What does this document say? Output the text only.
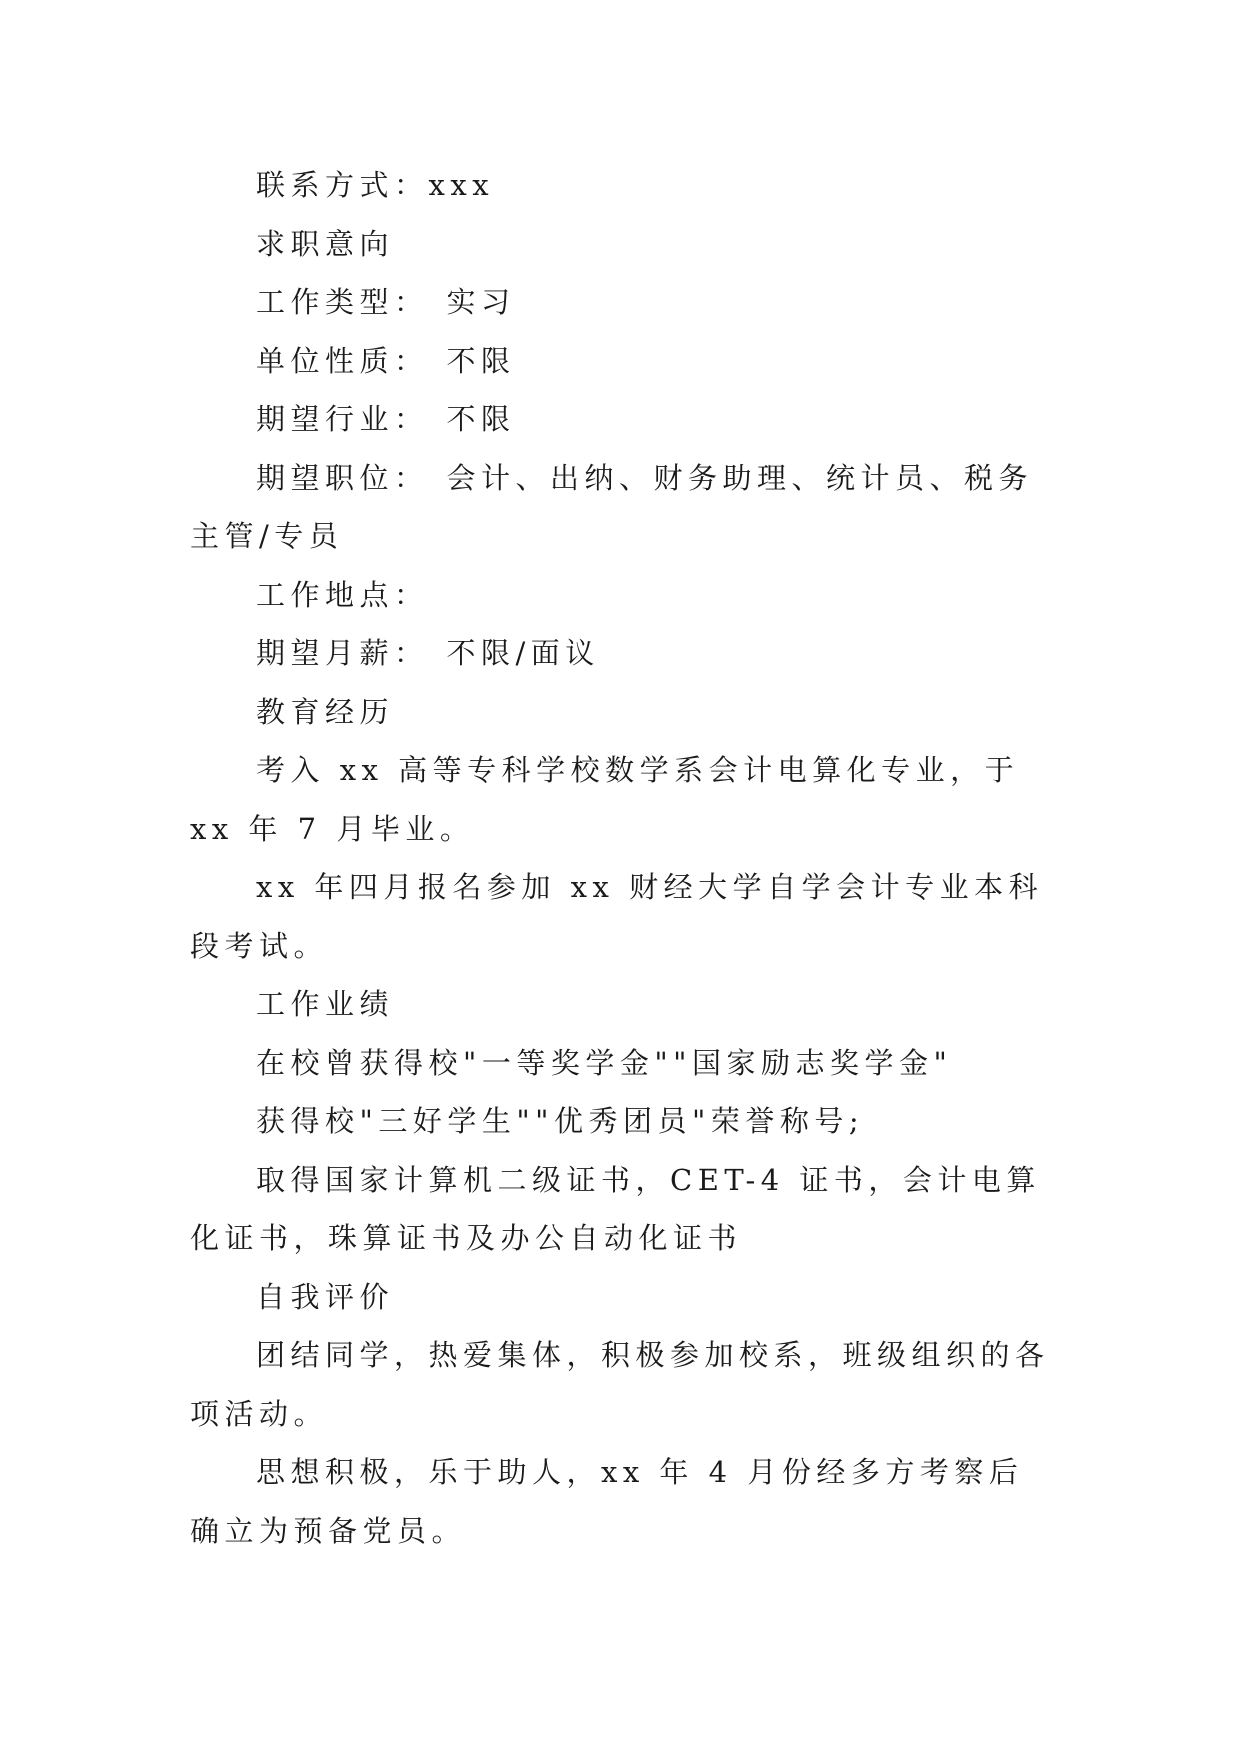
联系方式：xxx

求职意向

工作类型： 实习

单位性质： 不限

期望行业： 不限

期望职位： 会计、出纳、财务助理、统计员、税务主管/专员

工作地点：

期望月薪： 不限/面议

教育经历

考入 xx 高等专科学校数学系会计电算化专业，于 xx 年 7 月毕业。

xx 年四月报名参加 xx 财经大学自学会计专业本科段考试。

工作业绩

在校曾获得校"一等奖学金""国家励志奖学金"

获得校"三好学生""优秀团员"荣誉称号;

取得国家计算机二级证书，CET-4 证书，会计电算化证书，珠算证书及办公自动化证书

自我评价

团结同学，热爱集体，积极参加校系，班级组织的各项活动。

思想积极，乐于助人，xx 年 4 月份经多方考察后确立为预备党员。
